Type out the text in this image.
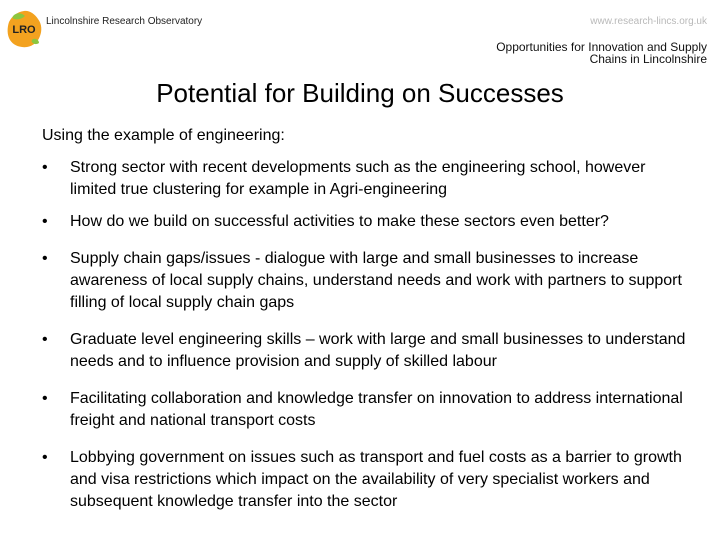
LRO
Lincolnshire Research Observatory	www.research-lincs.org.uk
Opportunities for Innovation and Supply
Chains in Lincolnshire
Potential for Building on Successes
Using the example of engineering:
• Strong sector with recent developments such as the engineering school, however limited true clustering for example in Agri-engineering
• How do we build on successful activities to make these sectors even better?
• Supply chain gaps/issues - dialogue with large and small businesses to increase awareness of local supply chains, understand needs and work with partners to support filling of local supply chain gaps
• Graduate level engineering skills – work with large and small businesses to understand needs and to influence provision and supply of skilled labour
• Facilitating collaboration and knowledge transfer on innovation to address international freight and national transport costs
• Lobbying government on issues such as transport and fuel costs as a barrier to growth and visa restrictions which impact on the availability of very specialist workers and subsequent knowledge transfer into the sector
